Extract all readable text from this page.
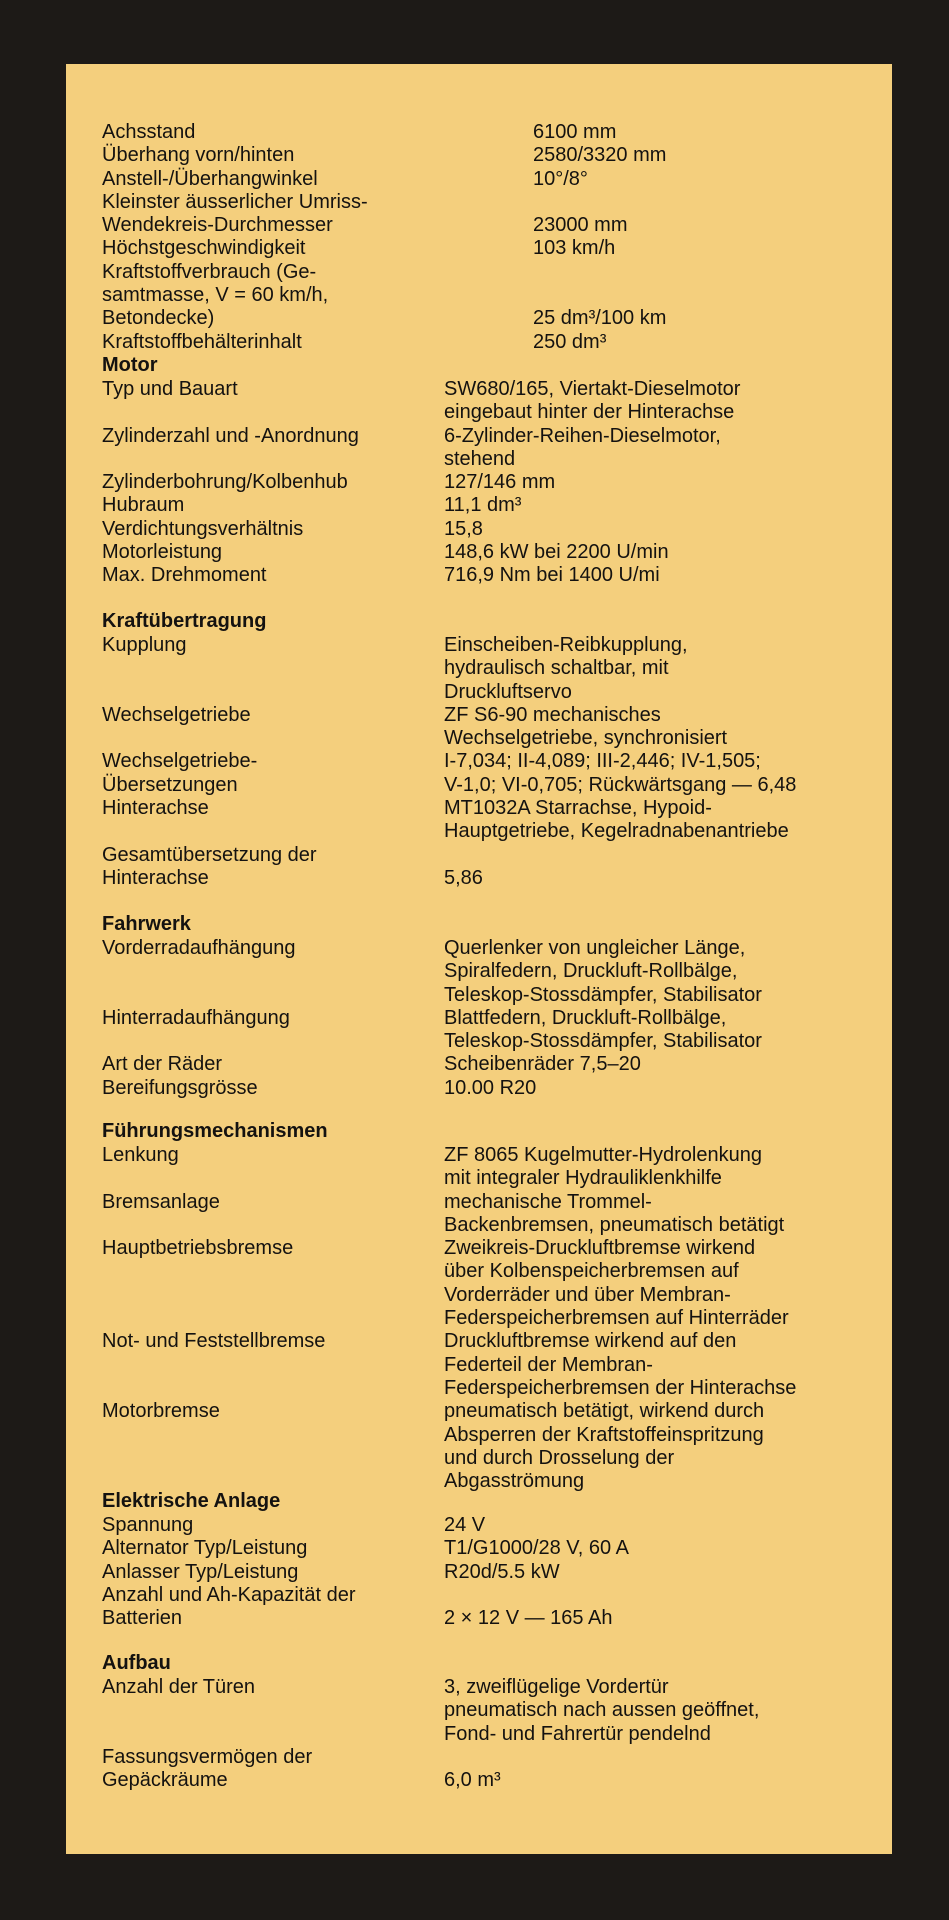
Achsstand
Überhang vorn/hinten
Anstell-/Überhangwinkel
Kleinster äusserlicher Umriss-
Wendekreis-Durchmesser
Höchstgeschwindigkeit
Kraftstoffverbrauch (Ge-
samtmasse, V = 60 km/h,
Betondecke)
Kraftstoffbehälterinhalt
6100 mm
2580/3320 mm
10°/8°

23000 mm
103 km/h

25 dm³/100 km
250 dm³
Motor
Typ und Bauart

Zylinderzahl und -Anordnung

Zylinderbohrung/Kolbenhub
Hubraum
Verdichtungsverhältnis
Motorleistung
Max. Drehmoment
SW680/165, Viertakt-Dieselmotor
eingebaut hinter der Hinterachse
6-Zylinder-Reihen-Dieselmotor,
stehend
127/146 mm
11,1 dm³
15,8
148,6 kW bei 2200 U/min
716,9 Nm bei 1400 U/mi
Kraftübertragung
Kupplung

Wechselgetriebe

Wechselgetriebe-
Übersetzungen
Hinterachse

Gesamtübersetzung der
Hinterachse
Einscheiben-Reibkupplung,
hydraulisch schaltbar, mit
Druckluftservo
ZF S6-90 mechanisches
Wechselgetriebe, synchronisiert
I-7,034; II-4,089; III-2,446; IV-1,505;
V-1,0; VI-0,705; Rückwärtsgang — 6,48
MT1032A Starrachse, Hypoid-
Hauptgetriebe, Kegelradnabenantriebe

5,86
Fahrwerk
Vorderradaufhängung

Hinterradaufhängung

Art der Räder
Bereifungsgrösse
Querlenker von ungleicher Länge,
Spiralfedern, Druckluft-Rollbälge,
Teleskop-Stossdämpfer, Stabilisator
Blattfedern, Druckluft-Rollbälge,
Teleskop-Stossdämpfer, Stabilisator
Scheibenräder 7,5–20
10.00 R20
Führungsmechanismen
Lenkung

Bremsanlage

Hauptbetriebsbremse

Not- und Feststellbremse

Motorbremse
ZF 8065 Kugelmutter-Hydrolenkung
mit integraler Hydrauliklenkhilfe
mechanische Trommel-
Backenbremsen, pneumatisch betätigt
Zweikreis-Druckluftbremse wirkend
über Kolbenspeicherbremsen auf
Vorderräder und über Membran-
Federspeicherbremsen auf Hinterräder
Druckluftbremse wirkend auf den
Federteil der Membran-
Federspeicherbremsen der Hinterachse
pneumatisch betätigt, wirkend durch
Absperren der Kraftstoffeinspritzung
und durch Drosselung der
Abgasströmung
Elektrische Anlage
Spannung
Alternator Typ/Leistung
Anlasser Typ/Leistung
Anzahl und Ah-Kapazität der
Batterien
24 V
T1/G1000/28 V, 60 A
R20d/5.5 kW

2 × 12 V — 165 Ah
Aufbau
Anzahl der Türen

Fassungsvermögen der
Gepäckräume
3, zweiflügelige Vordertür
pneumatisch nach aussen geöffnet,
Fond- und Fahrertür pendelnd

6,0 m³
